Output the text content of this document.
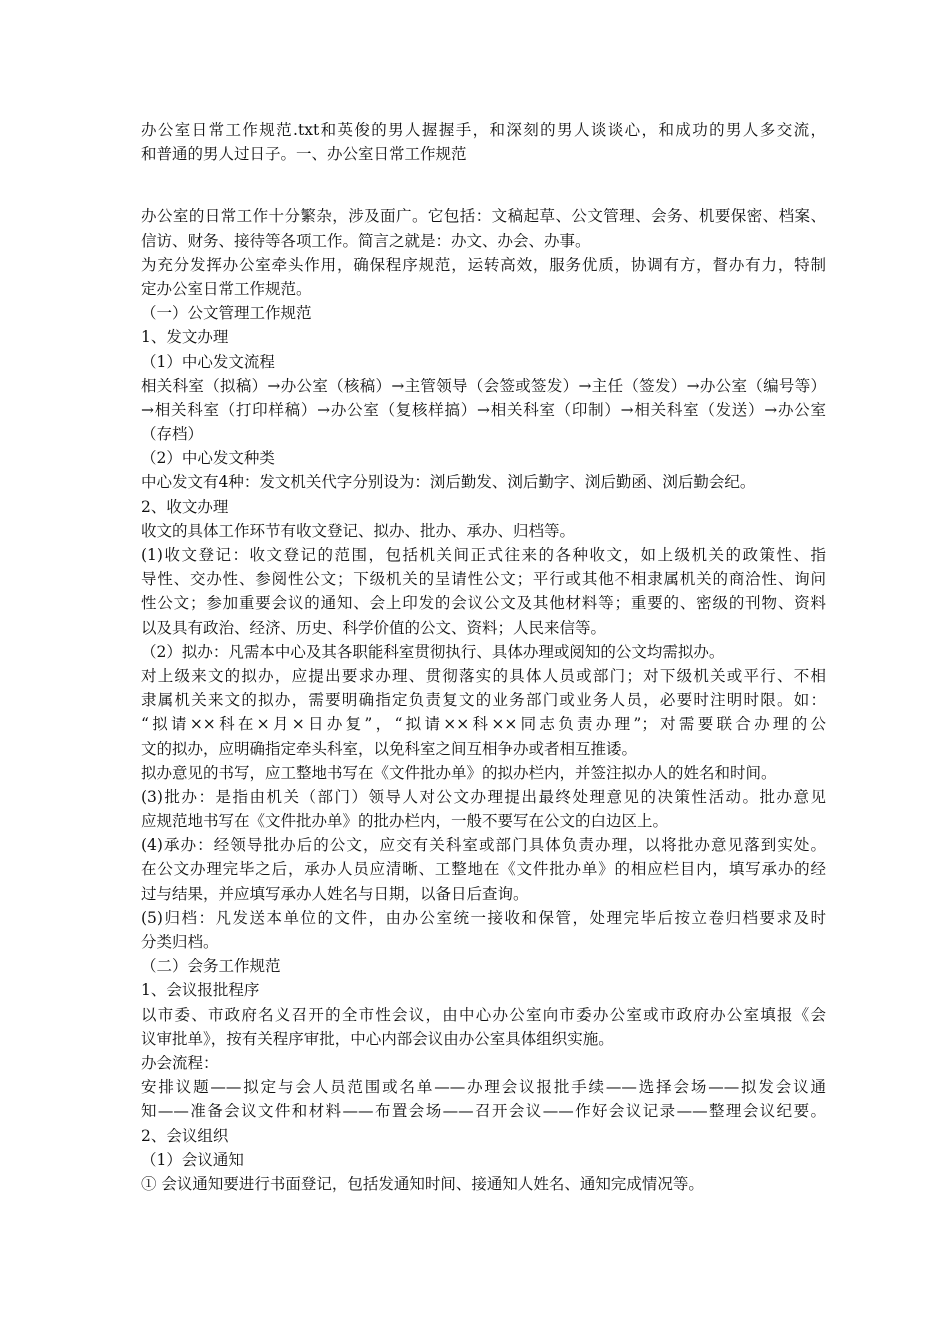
办公室日常工作规范.txt和英俊的男人握握手，和深刻的男人谈谈心，和成功的男人多交流，
和普通的男人过日子。一、办公室日常工作规范
办公室的日常工作十分繁杂，涉及面广。它包括：文稿起草、公文管理、会务、机要保密、档案、
信访、财务、接待等各项工作。简言之就是：办文、办会、办事。
为充分发挥办公室牵头作用，确保程序规范，运转高效，服务优质，协调有方，督办有力，特制
定办公室日常工作规范。
（一）公文管理工作规范
1、发文办理
（1）中心发文流程
相关科室（拟稿）→办公室（核稿）→主管领导（会签或签发）→主任（签发）→办公室（编号等）
→相关科室（打印样稿）→办公室（复核样搞）→相关科室（印制）→相关科室（发送）→办公室
（存档）
（2）中心发文种类
中心发文有4种：发文机关代字分别设为：浏后勤发、浏后勤字、浏后勤函、浏后勤会纪。
2、收文办理
收文的具体工作环节有收文登记、拟办、批办、承办、归档等。
(1)收文登记：收文登记的范围，包括机关间正式往来的各种收文，如上级机关的政策性、指
导性、交办性、参阅性公文；下级机关的呈请性公文；平行或其他不相隶属机关的商洽性、询问
性公文；参加重要会议的通知、会上印发的会议公文及其他材料等；重要的、密级的刊物、资料
以及具有政治、经济、历史、科学价值的公文、资料；人民来信等。
（2）拟办：凡需本中心及其各职能科室贯彻执行、具体办理或阅知的公文均需拟办。
对上级来文的拟办，应提出要求办理、贯彻落实的具体人员或部门；对下级机关或平行、不相
隶属机关来文的拟办，需要明确指定负责复文的业务部门或业务人员，必要时注明时限。如：
“拟请××科在×月×日办复”，“拟请××科××同志负责办理”；对需要联合办理的公
文的拟办，应明确指定牵头科室，以免科室之间互相争办或者相互推诿。
拟办意见的书写，应工整地书写在《文件批办单》的拟办栏内，并签注拟办人的姓名和时间。
(3)批办：是指由机关（部门）领导人对公文办理提出最终处理意见的决策性活动。批办意见
应规范地书写在《文件批办单》的批办栏内，一般不要写在公文的白边区上。
(4)承办：经领导批办后的公文，应交有关科室或部门具体负责办理，以将批办意见落到实处。
在公文办理完毕之后，承办人员应清晰、工整地在《文件批办单》的相应栏目内，填写承办的经
过与结果，并应填写承办人姓名与日期，以备日后查询。
(5)归档：凡发送本单位的文件，由办公室统一接收和保管，处理完毕后按立卷归档要求及时
分类归档。
（二）会务工作规范
1、会议报批程序
以市委、市政府名义召开的全市性会议，由中心办公室向市委办公室或市政府办公室填报《会
议审批单》，按有关程序审批，中心内部会议由办公室具体组织实施。
办会流程：
安排议题——拟定与会人员范围或名单——办理会议报批手续——选择会场——拟发会议通
知——准备会议文件和材料——布置会场——召开会议——作好会议记录——整理会议纪要。
2、会议组织
（1）会议通知
① 会议通知要进行书面登记，包括发通知时间、接通知人姓名、通知完成情况等。
